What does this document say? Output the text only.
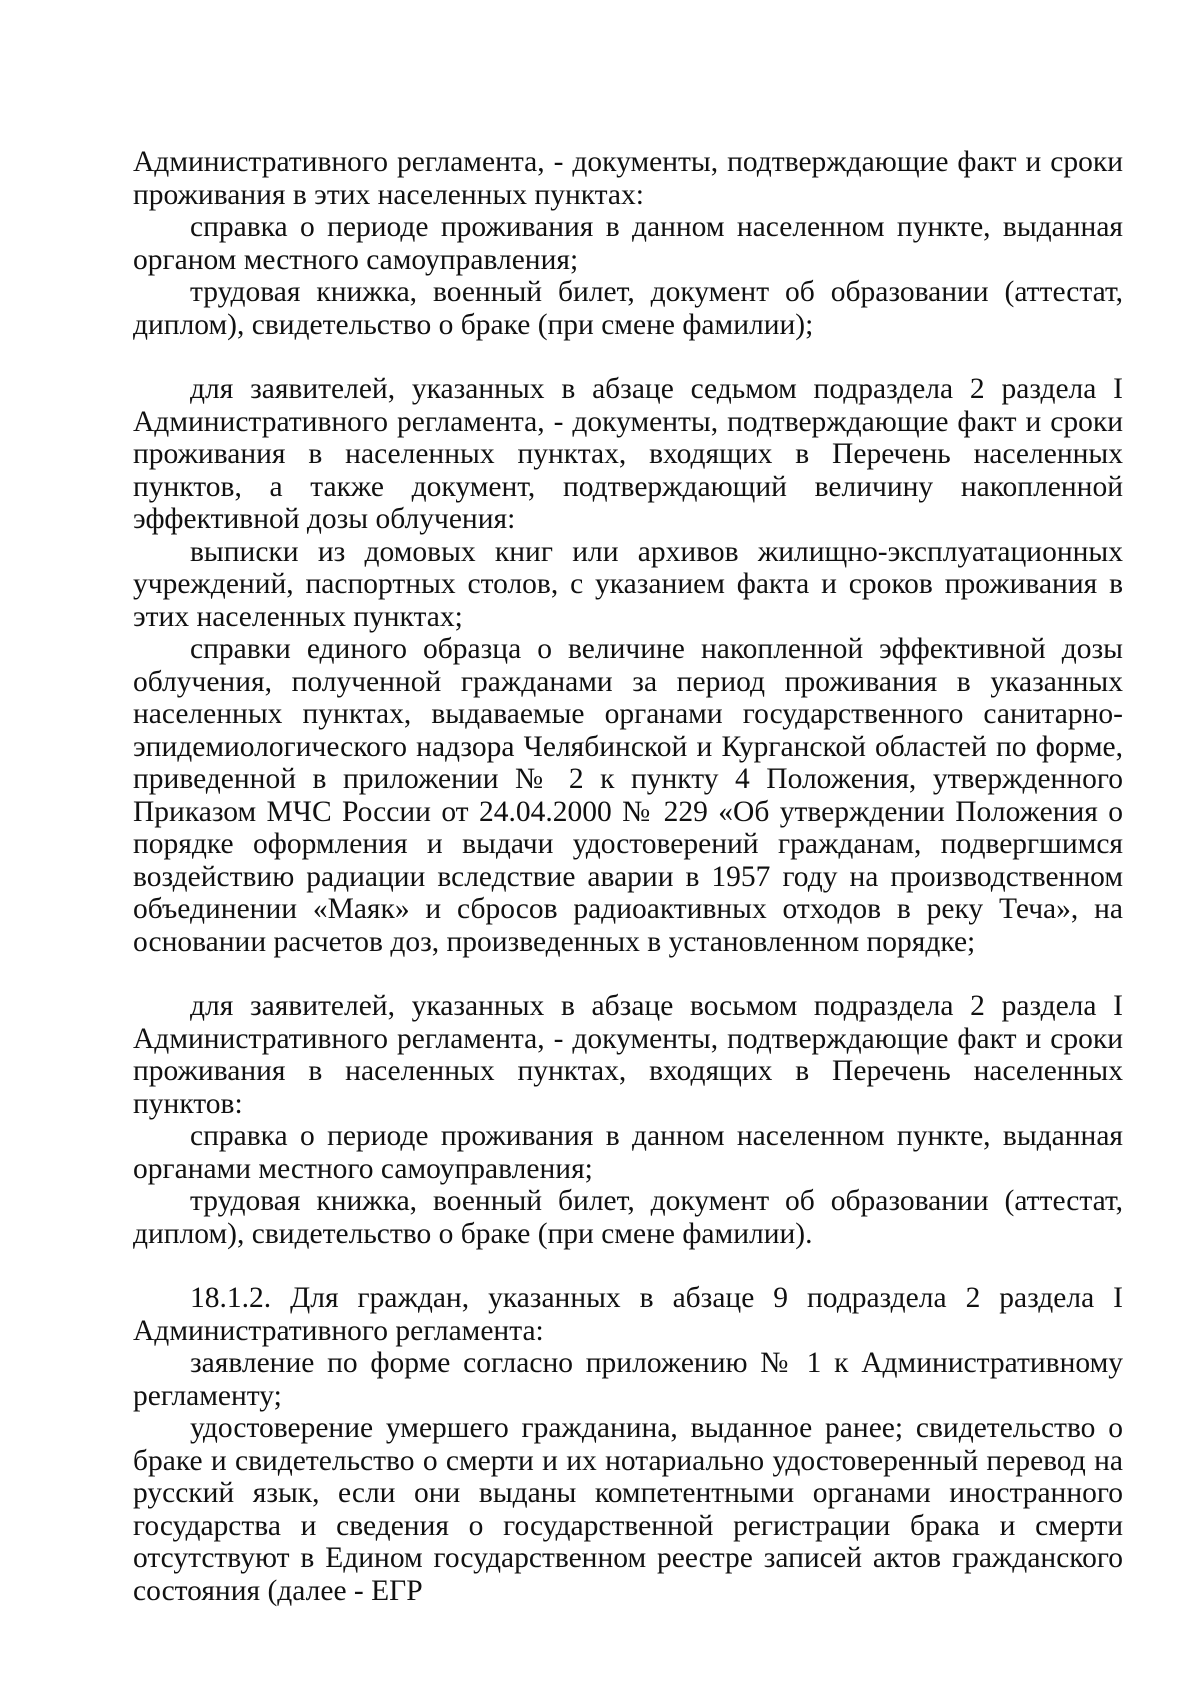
Административного регламента, - документы, подтверждающие факт и сроки проживания в этих населенных пунктах:

справка о периоде проживания в данном населенном пункте, выданная органом местного самоуправления;

трудовая книжка, военный билет, документ об образовании (аттестат, диплом), свидетельство о браке (при смене фамилии);

для заявителей, указанных в абзаце седьмом подраздела 2 раздела I Административного регламента, - документы, подтверждающие факт и сроки проживания в населенных пунктах, входящих в Перечень населенных пунктов, а также документ, подтверждающий величину накопленной эффективной дозы облучения:

выписки из домовых книг или архивов жилищно-эксплуатационных учреждений, паспортных столов, с указанием факта и сроков проживания в этих населенных пунктах;

справки единого образца о величине накопленной эффективной дозы облучения, полученной гражданами за период проживания в указанных населенных пунктах, выдаваемые органами государственного санитарно-эпидемиологического надзора Челябинской и Курганской областей по форме, приведенной в приложении № 2 к пункту 4 Положения, утвержденного Приказом МЧС России от 24.04.2000 № 229 «Об утверждении Положения о порядке оформления и выдачи удостоверений гражданам, подвергшимся воздействию радиации вследствие аварии в 1957 году на производственном объединении «Маяк» и сбросов радиоактивных отходов в реку Теча», на основании расчетов доз, произведенных в установленном порядке;

для заявителей, указанных в абзаце восьмом подраздела 2 раздела I Административного регламента, - документы, подтверждающие факт и сроки проживания в населенных пунктах, входящих в Перечень населенных пунктов:

справка о периоде проживания в данном населенном пункте, выданная органами местного самоуправления;

трудовая книжка, военный билет, документ об образовании (аттестат, диплом), свидетельство о браке (при смене фамилии).

18.1.2. Для граждан, указанных в абзаце 9 подраздела 2 раздела I Административного регламента:

заявление по форме согласно приложению № 1 к Административному регламенту;

удостоверение умершего гражданина, выданное ранее; свидетельство о браке и свидетельство о смерти и их нотариально удостоверенный перевод на русский язык, если они выданы компетентными органами иностранного государства и сведения о государственной регистрации брака и смерти отсутствуют в Едином государственном реестре записей актов гражданского состояния (далее - ЕГР
